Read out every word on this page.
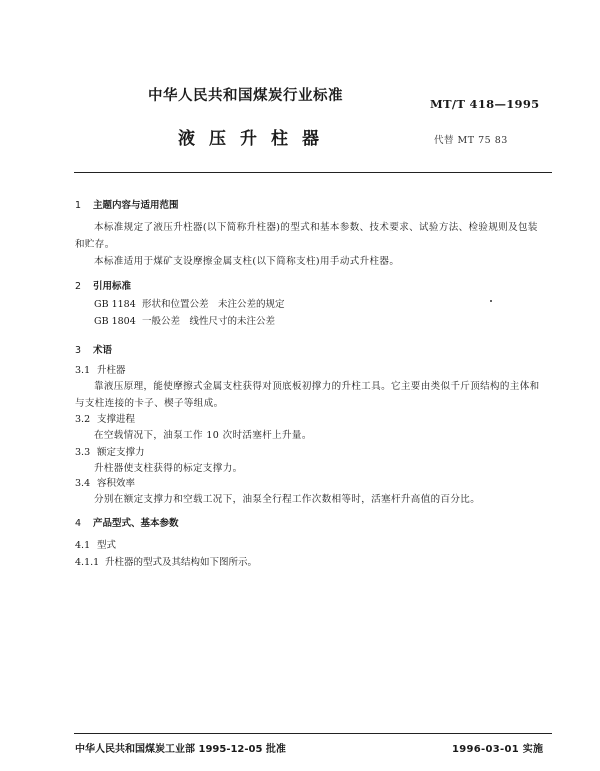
中华人民共和国煤炭行业标准	MT/T 418—1995
液压升柱器	代替 MT 75 83
1 主题内容与适用范围
本标准规定了液压升柱器(以下简称升柱器)的型式和基本参数、技术要求、试验方法、检验规则及包装和贮存。
本标准适用于煤矿支设摩擦金属支柱(以下简称支柱)用手动式升柱器。
2 引用标准
GB 1184 形状和位置公差　未注公差的规定
GB 1804 一般公差　线性尺寸的未注公差
3 术语
3.1 升柱器
靠液压原理，能使摩擦式金属支柱获得对顶底板初撑力的升柱工具。它主要由类似千斤顶结构的主体和与支柱连接的卡子、楔子等组成。
3.2 支撑进程
在空载情况下，油泵工作 10 次时活塞杆上升量。
3.3 额定支撑力
升柱器使支柱获得的标定支撑力。
3.4 容积效率
分别在额定支撑力和空载工况下，油泵全行程工作次数相等时，活塞杆升高值的百分比。
4 产品型式、基本参数
4.1 型式
4.1.1 升柱器的型式及其结构如下图所示。
中华人民共和国煤炭工业部 1995-12-05 批准	1996-03-01 实施
